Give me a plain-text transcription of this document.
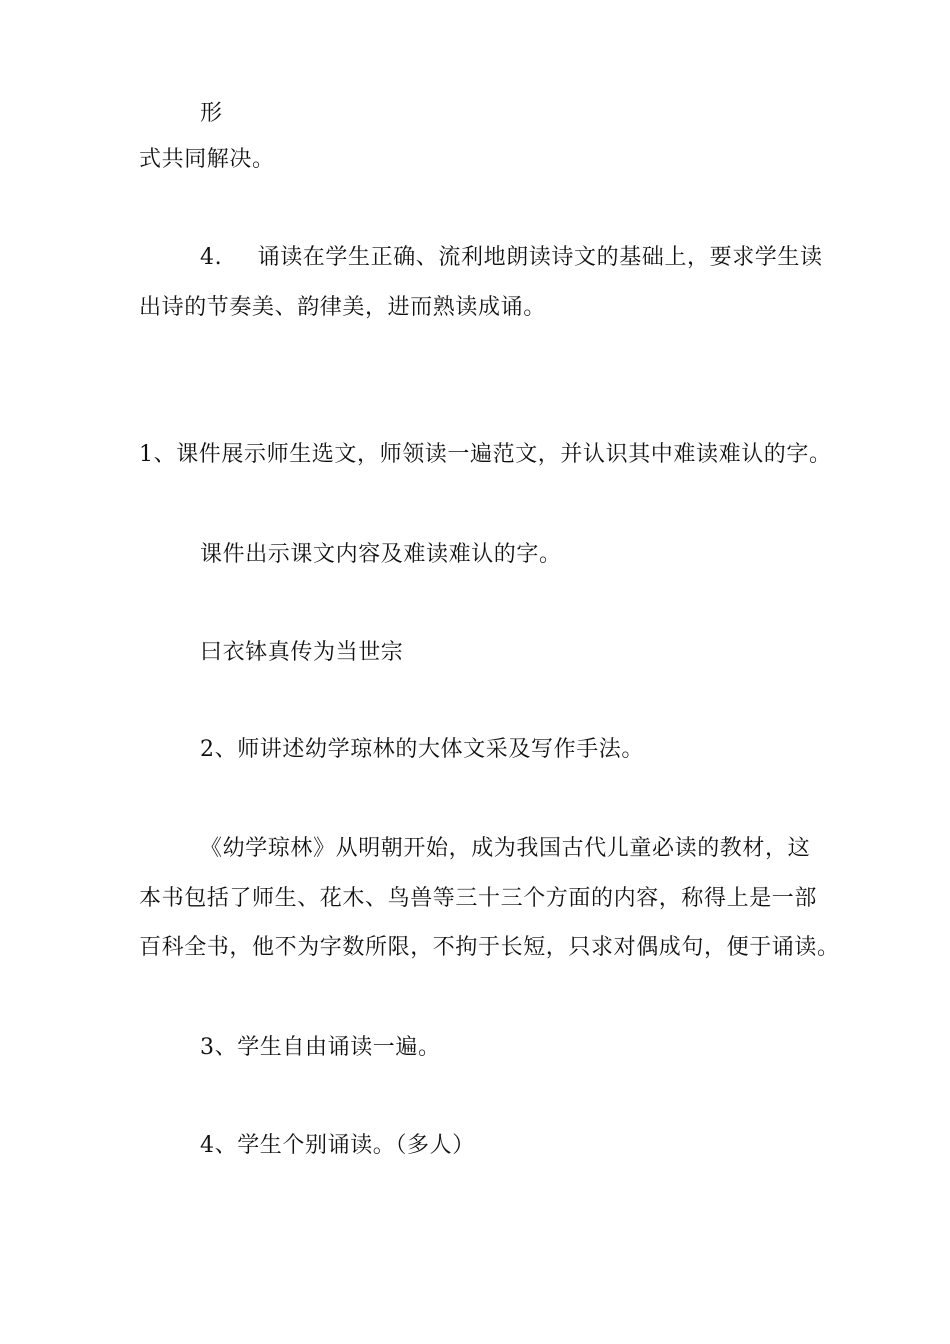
形
式共同解决。
4. 诵读在学生正确、流利地朗读诗文的基础上，要求学生读
出诗的节奏美、韵律美，进而熟读成诵。
1、课件展示师生选文，师领读一遍范文，并认识其中难读难认的字。
课件出示课文内容及难读难认的字。
曰衣钵真传为当世宗
2、师讲述幼学琼林的大体文采及写作手法。
《幼学琼林》从明朝开始，成为我国古代儿童必读的教材，这
本书包括了师生、花木、鸟兽等三十三个方面的内容，称得上是一部
百科全书，他不为字数所限，不拘于长短，只求对偶成句，便于诵读。
3、学生自由诵读一遍。
4、学生个别诵读。（多人）
